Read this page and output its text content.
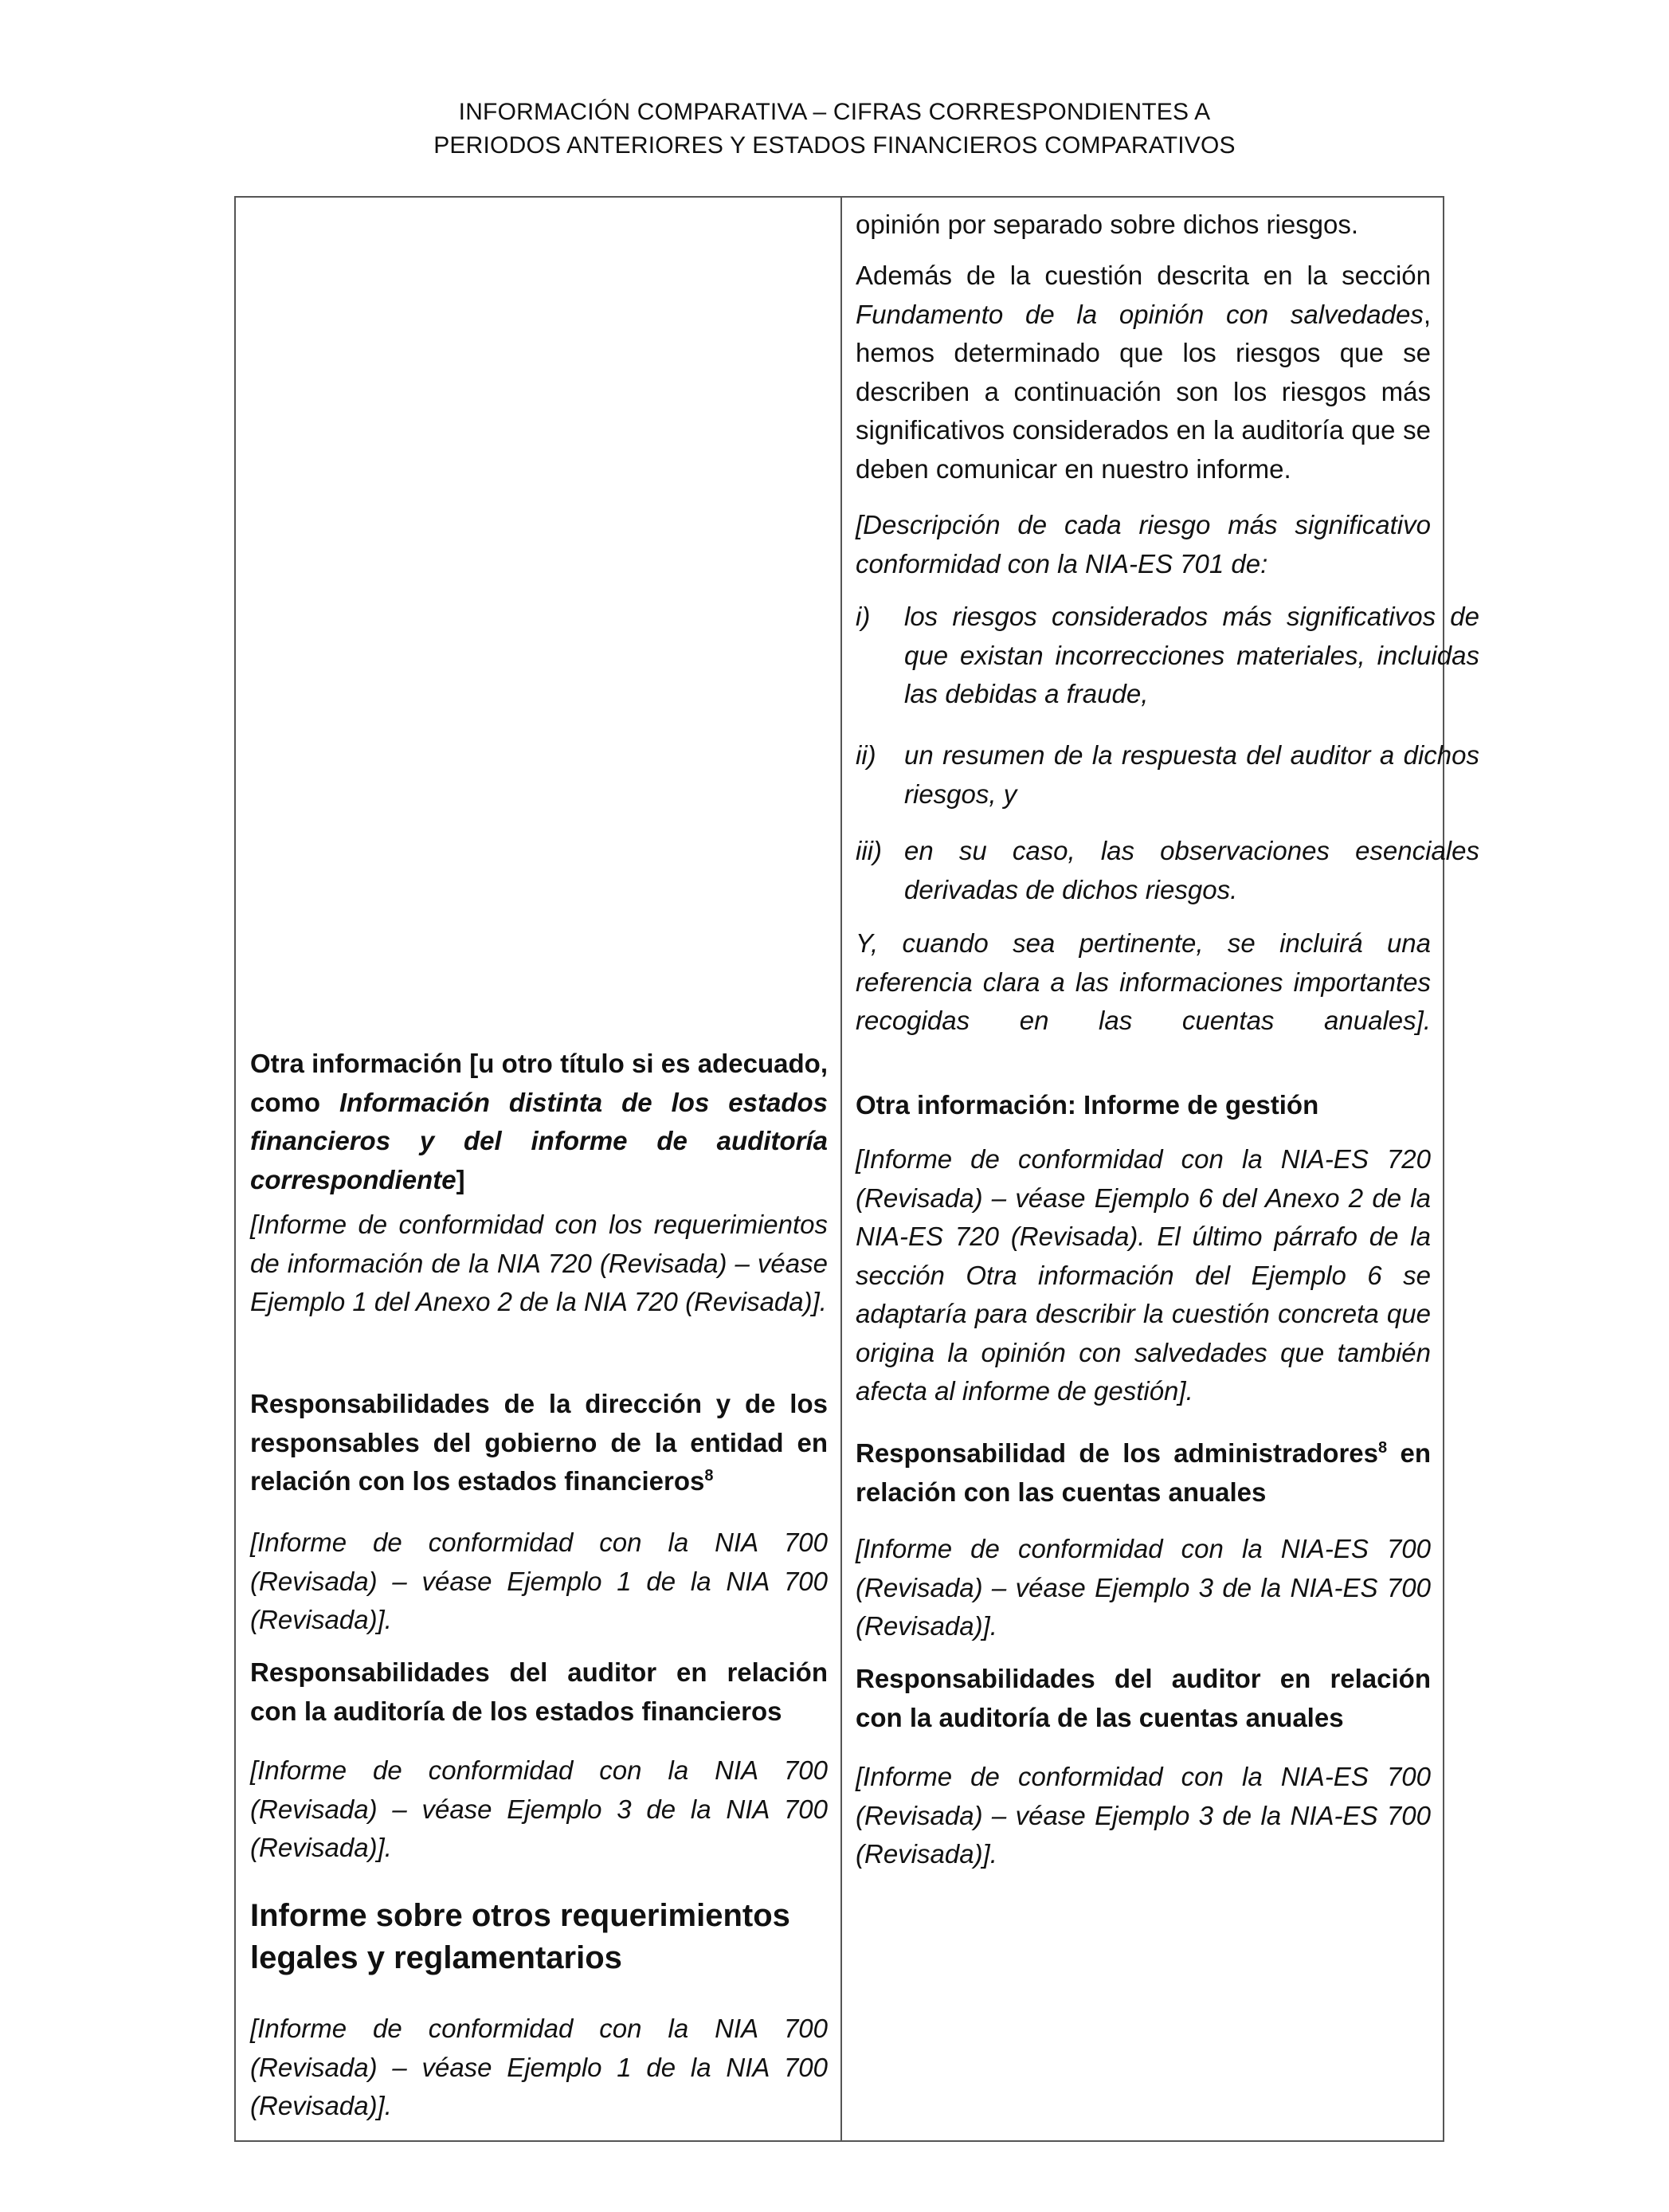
INFORMACIÓN COMPARATIVA – CIFRAS CORRESPONDIENTES A
PERIODOS ANTERIORES Y ESTADOS FINANCIEROS COMPARATIVOS

Otra información [u otro título si es adecuado, como Información distinta de los estados financieros y del informe de auditoría correspondiente]

[Informe de conformidad con los requerimientos de información de la NIA 720 (Revisada) – véase Ejemplo 1 del Anexo 2 de la NIA 720 (Revisada)].

Responsabilidades de la dirección y de los responsables del gobierno de la entidad en relación con los estados financieros$^8$

[Informe de conformidad con la NIA 700 (Revisada) – véase Ejemplo 1 de la NIA 700 (Revisada)].

Responsabilidades del auditor en relación con la auditoría de los estados financieros

[Informe de conformidad con la NIA 700 (Revisada) – véase Ejemplo 3 de la NIA 700 (Revisada)].

Informe sobre otros requerimientos legales y reglamentarios

[Informe de conformidad con la NIA 700 (Revisada) – véase Ejemplo 1 de la NIA 700 (Revisada)].

opinión por separado sobre dichos riesgos.

Además de la cuestión descrita en la sección Fundamento de la opinión con salvedades, hemos determinado que los riesgos que se describen a continuación son los riesgos más significativos considerados en la auditoría que se deben comunicar en nuestro informe.

[Descripción de cada riesgo más significativo conformidad con la NIA-ES 701 de:

i) los riesgos considerados más significativos de que existan incorrecciones materiales, incluidas las debidas a fraude,

ii) un resumen de la respuesta del auditor a dichos riesgos, y

iii) en su caso, las observaciones esenciales derivadas de dichos riesgos.

Y, cuando sea pertinente, se incluirá una referencia clara a las informaciones importantes recogidas en las cuentas anuales].

Otra información: Informe de gestión

[Informe de conformidad con la NIA-ES 720 (Revisada) – véase Ejemplo 6 del Anexo 2 de la NIA-ES 720 (Revisada). El último párrafo de la sección Otra información del Ejemplo 6 se adaptaría para describir la cuestión concreta que origina la opinión con salvedades que también afecta al informe de gestión].

Responsabilidad de los administradores$^8$ en relación con las cuentas anuales

[Informe de conformidad con la NIA-ES 700 (Revisada) – véase Ejemplo 3 de la NIA-ES 700 (Revisada)].

Responsabilidades del auditor en relación con la auditoría de las cuentas anuales

[Informe de conformidad con la NIA-ES 700 (Revisada) – véase Ejemplo 3 de la NIA-ES 700 (Revisada)].
